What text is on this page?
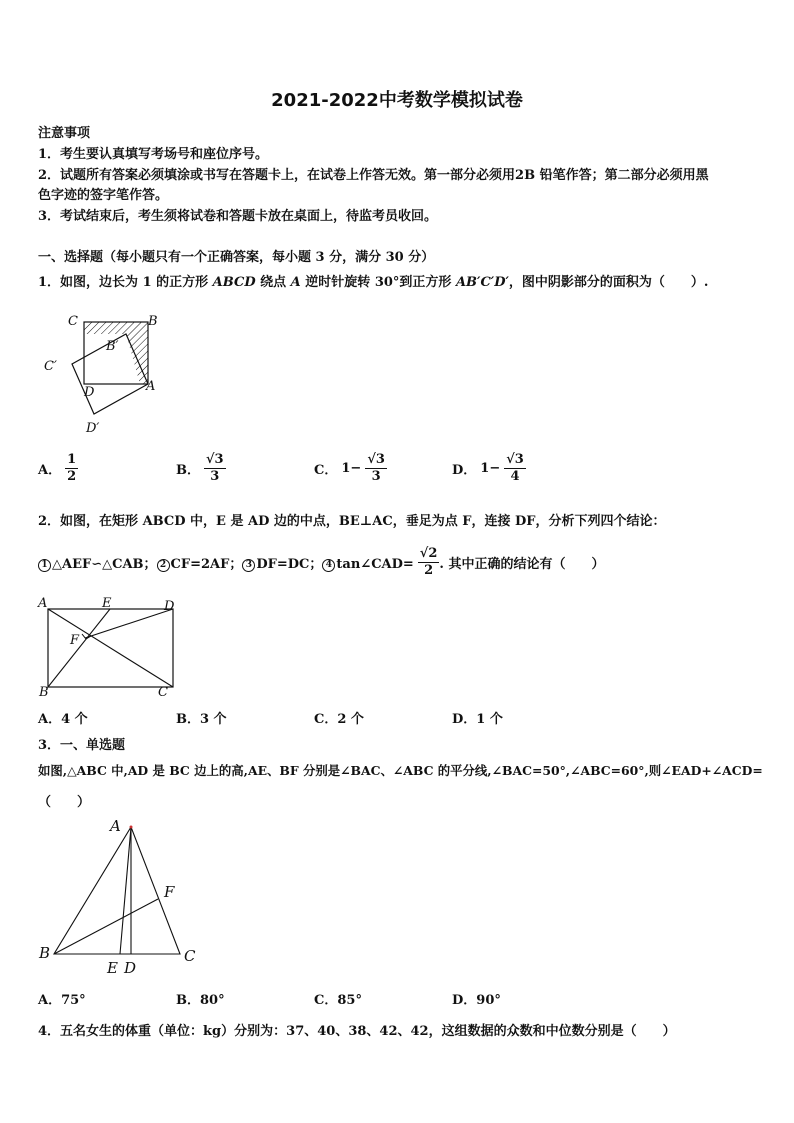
2021-2022中考数学模拟试卷
注意事项
1．考生要认真填写考场号和座位序号。
2．试题所有答案必须填涂或书写在答题卡上，在试卷上作答无效。第一部分必须用2B 铅笔作答；第二部分必须用黑
色字迹的签字笔作答。
3．考试结束后，考生须将试卷和答题卡放在桌面上，待监考员收回。
一、选择题（每小题只有一个正确答案，每小题 3 分，满分 30 分）
1．如图，边长为 1 的正方形 ABCD 绕点 A 逆时针旋转 30°到正方形 AB′C′D′，图中阴影部分的面积为（　　）.
C	B
B′
C′
D	A
D′
A． $\frac{1}{2}$	B． $\frac{√3}{3}$	C． $1- \frac{√3}{3}$	D． $1- \frac{√3}{4}$
2．如图，在矩形 ABCD 中，E 是 AD 边的中点，BE⊥AC，垂足为点 F，连接 DF，分析下列四个结论：
1 △AEF∽△CAB； 2 CF=2AF； 3 DF=DC； 4 tan∠CAD= $\frac{√2}{2}$ . 其中正确的结论有（　　）
A	E	D
F
B	C
A．4 个	B．3 个	C．2 个	D．1 个
3．一、单选题
如图,△ABC 中,AD 是 BC 边上的高,AE、BF 分别是∠BAC、∠ABC 的平分线,∠BAC=50°,∠ABC=60°,则∠EAD+∠ACD=
（　　）
A
F
B
E D
C
A．75°	B．80°	C．85°	D．90°
4．五名女生的体重（单位：kg）分别为：37、40、38、42、42，这组数据的众数和中位数分别是（　　）
